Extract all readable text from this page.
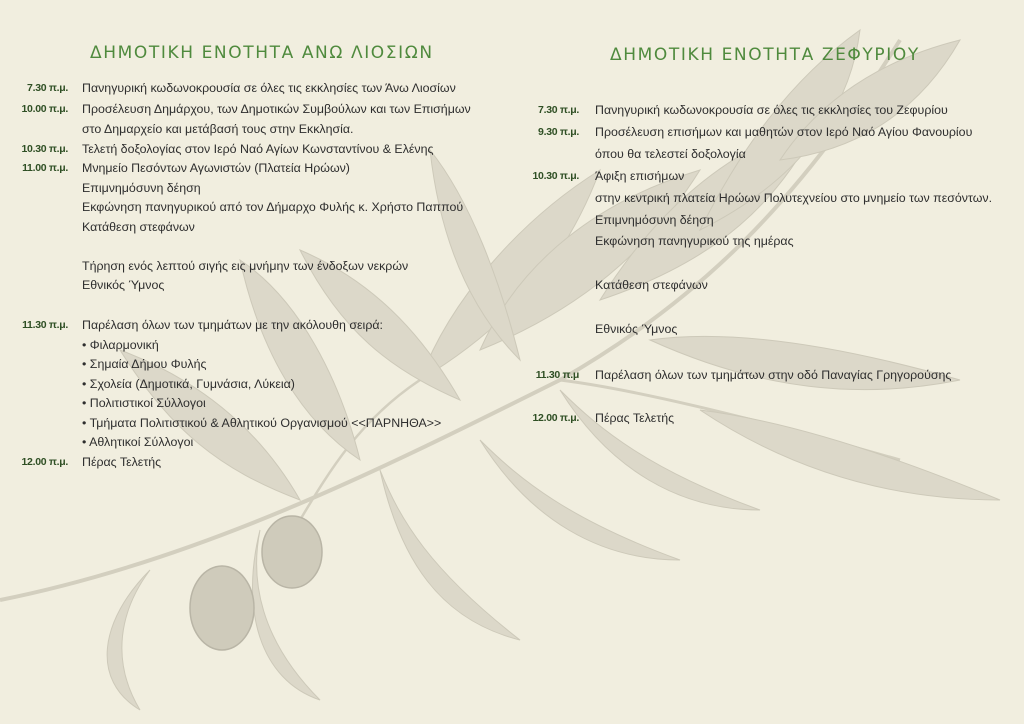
ΔΗΜΟΤΙΚΗ ΕΝΟΤΗΤΑ ΑΝΩ ΛΙΟΣΙΩΝ
7.30 π.μ. Πανηγυρική κωδωνοκρουσία σε όλες τις εκκλησίες των Άνω Λιοσίων
10.00 π.μ. Προσέλευση Δημάρχου, των Δημοτικών Συμβούλων και των Επισήμων
στο Δημαρχείο και μετάβασή τους στην Εκκλησία.
10.30 π.μ. Τελετή δοξολογίας στον Ιερό Ναό Αγίων Κωνσταντίνου & Ελένης
11.00 π.μ. Μνημείο Πεσόντων Αγωνιστών (Πλατεία Ηρώων)
Επιμνημόσυνη δέηση
Εκφώνηση πανηγυρικού από τον Δήμαρχο Φυλής κ. Χρήστο Παππού
Κατάθεση στεφάνων
Τήρηση ενός λεπτού σιγής εις μνήμην των ένδοξων νεκρών
Εθνικός Ύμνος
11.30 π.μ. Παρέλαση όλων των τμημάτων με την ακόλουθη σειρά:
• Φιλαρμονική
• Σημαία Δήμου Φυλής
• Σχολεία (Δημοτικά, Γυμνάσια, Λύκεια)
• Πολιτιστικοί Σύλλογοι
• Τμήματα Πολιτιστικού & Αθλητικού Οργανισμού <<ΠΑΡΝΗΘΑ>>
• Αθλητικοί Σύλλογοι
12.00 π.μ. Πέρας Τελετής
ΔΗΜΟΤΙΚΗ ΕΝΟΤΗΤΑ ΖΕΦΥΡΙΟΥ
7.30 π.μ. Πανηγυρική κωδωνοκρουσία σε όλες τις εκκλησίες του Ζεφυρίου
9.30 π.μ. Προσέλευση επισήμων και μαθητών στον Ιερό Ναό Αγίου Φανουρίου
όπου θα τελεστεί δοξολογία
10.30 π.μ. Άφιξη επισήμων
στην κεντρική πλατεία Ηρώων Πολυτεχνείου στο μνημείο των πεσόντων.
Επιμνημόσυνη δέηση
Εκφώνηση πανηγυρικού της ημέρας
Κατάθεση στεφάνων
Εθνικός Ύμνος
11.30 π.μ Παρέλαση όλων των τμημάτων στην οδό Παναγίας Γρηγορούσης
12.00 π.μ. Πέρας Τελετής
